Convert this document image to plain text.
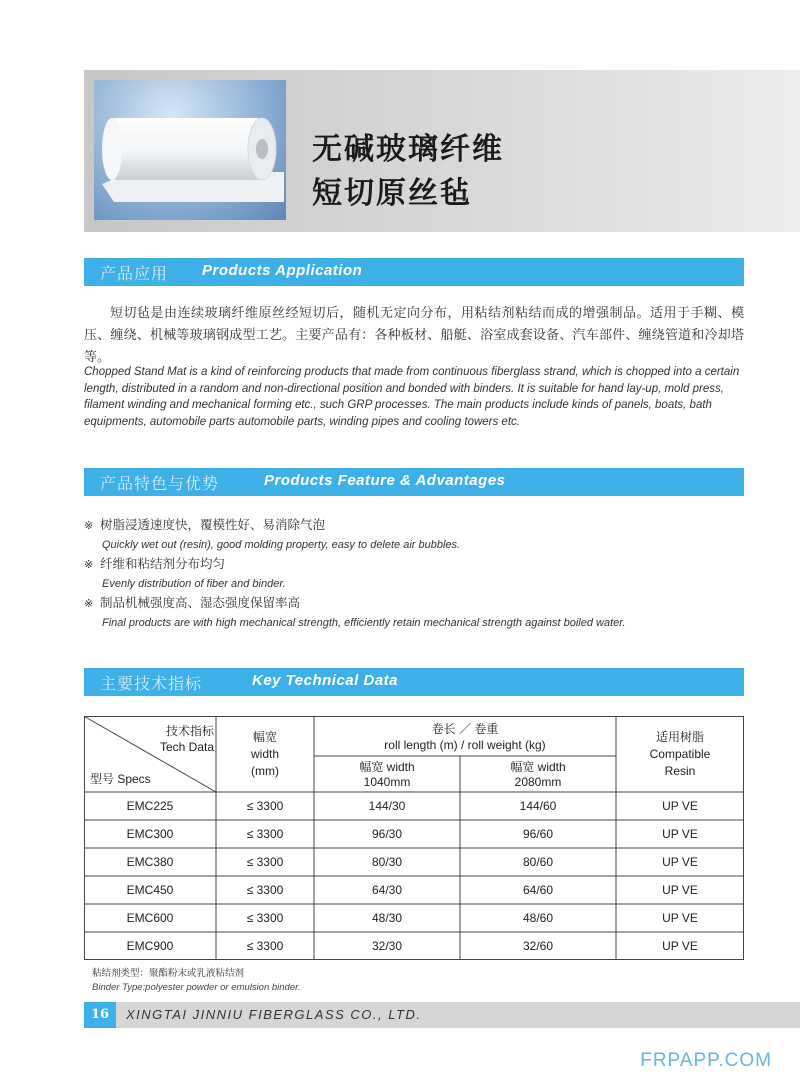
无碱玻璃纤维
短切原丝毡
产品应用 Products Application
短切毡是由连续玻璃纤维原丝经短切后，随机无定向分布，用粘结剂粘结而成的增强制品。适用于手糊、模压、缠绕、机械等玻璃钢成型工艺。主要产品有：各种板材、船艇、浴室成套设备、汽车部件、缠绕管道和冷却塔等。
Chopped Stand Mat is a kind of reinforcing products that made from continuous fiberglass strand, which is chopped into a certain length, distributed in a random and non-directional position and bonded with binders. It is suitable for hand lay-up, mold press, filament winding and mechanical forming etc., such GRP processes. The main products include kinds of panels, boats, bath equipments, automobile parts automobile parts, winding pipes and cooling towers etc.
产品特色与优势	Products Feature & Advantages
※ 树脂浸透速度快，覆模性好、易消除气泡
Quickly wet out (resin), good molding property, easy to delete air bubbles.
※ 纤维和粘结剂分布均匀
Evenly distribution of fiber and binder.
※ 制品机械强度高、湿态强度保留率高
Final products are with high mechanical strength, efficiently retain mechanical strength against boiled water.
主要技术指标	Key Technical Data
技术指标
Tech Data
型号 Specs
幅宽
width
(mm)
卷长 ／ 卷重
roll length (m) / roll weight (kg)
幅宽 width
1040mm
幅宽 width
2080mm
适用树脂
Compatible
Resin
EMC225	≤ 3300	144/30	144/60	UP VE
EMC300	≤ 3300	96/30	96/60	UP VE
EMC380	≤ 3300	80/30	80/60	UP VE
EMC450	≤ 3300	64/30	64/60	UP VE
EMC600	≤ 3300	48/30	48/60	UP VE
EMC900	≤ 3300	32/30	32/60	UP VE
粘结剂类型：聚酯粉末或乳液粘结剂
Binder Type:polyester powder or emulsion binder.
16	XINGTAI JINNIU FIBERGLASS CO., LTD.
FRPAPP.COM
